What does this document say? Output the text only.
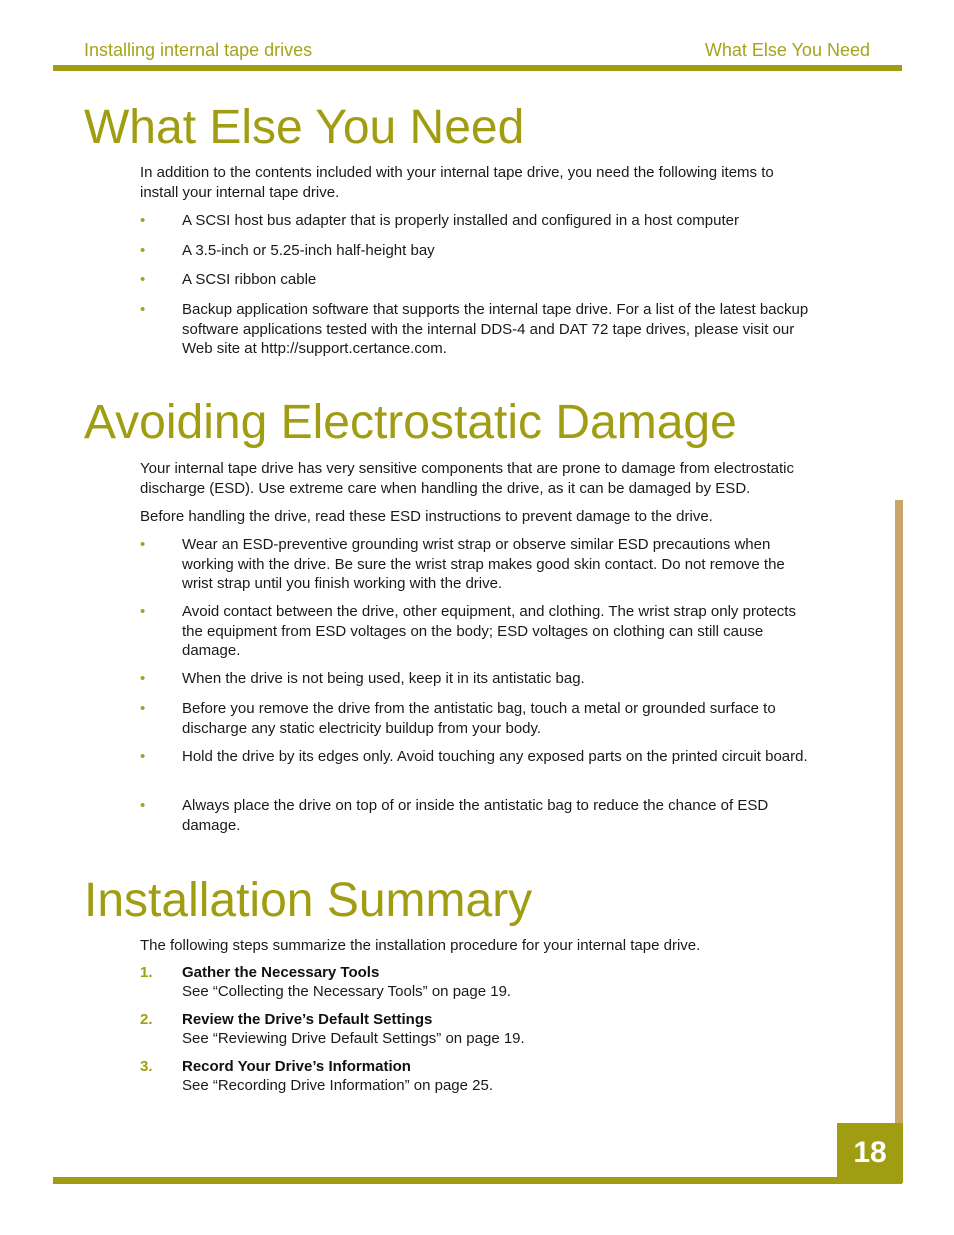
Installing internal tape drives	What Else You Need
What Else You Need

In addition to the contents included with your internal tape drive, you need the following items to install your internal tape drive.

• A SCSI host bus adapter that is properly installed and configured in a host computer
• A 3.5-inch or 5.25-inch half-height bay
• A SCSI ribbon cable
• Backup application software that supports the internal tape drive. For a list of the latest backup software applications tested with the internal DDS-4 and DAT 72 tape drives, please visit our Web site at http://support.certance.com.
Avoiding Electrostatic Damage

Your internal tape drive has very sensitive components that are prone to damage from electrostatic discharge (ESD). Use extreme care when handling the drive, as it can be damaged by ESD.

Before handling the drive, read these ESD instructions to prevent damage to the drive.

• Wear an ESD-preventive grounding wrist strap or observe similar ESD precautions when working with the drive. Be sure the wrist strap makes good skin contact. Do not remove the wrist strap until you finish working with the drive.
• Avoid contact between the drive, other equipment, and clothing. The wrist strap only protects the equipment from ESD voltages on the body; ESD voltages on clothing can still cause damage.
• When the drive is not being used, keep it in its antistatic bag.
• Before you remove the drive from the antistatic bag, touch a metal or grounded surface to discharge any static electricity buildup from your body.
• Hold the drive by its edges only. Avoid touching any exposed parts on the printed circuit board.
• Always place the drive on top of or inside the antistatic bag to reduce the chance of ESD damage.
Installation Summary

The following steps summarize the installation procedure for your internal tape drive.

1. Gather the Necessary Tools
See “Collecting the Necessary Tools” on page 19.
2. Review the Drive’s Default Settings
See “Reviewing Drive Default Settings” on page 19.
3. Record Your Drive’s Information
See “Recording Drive Information” on page 25.
18
